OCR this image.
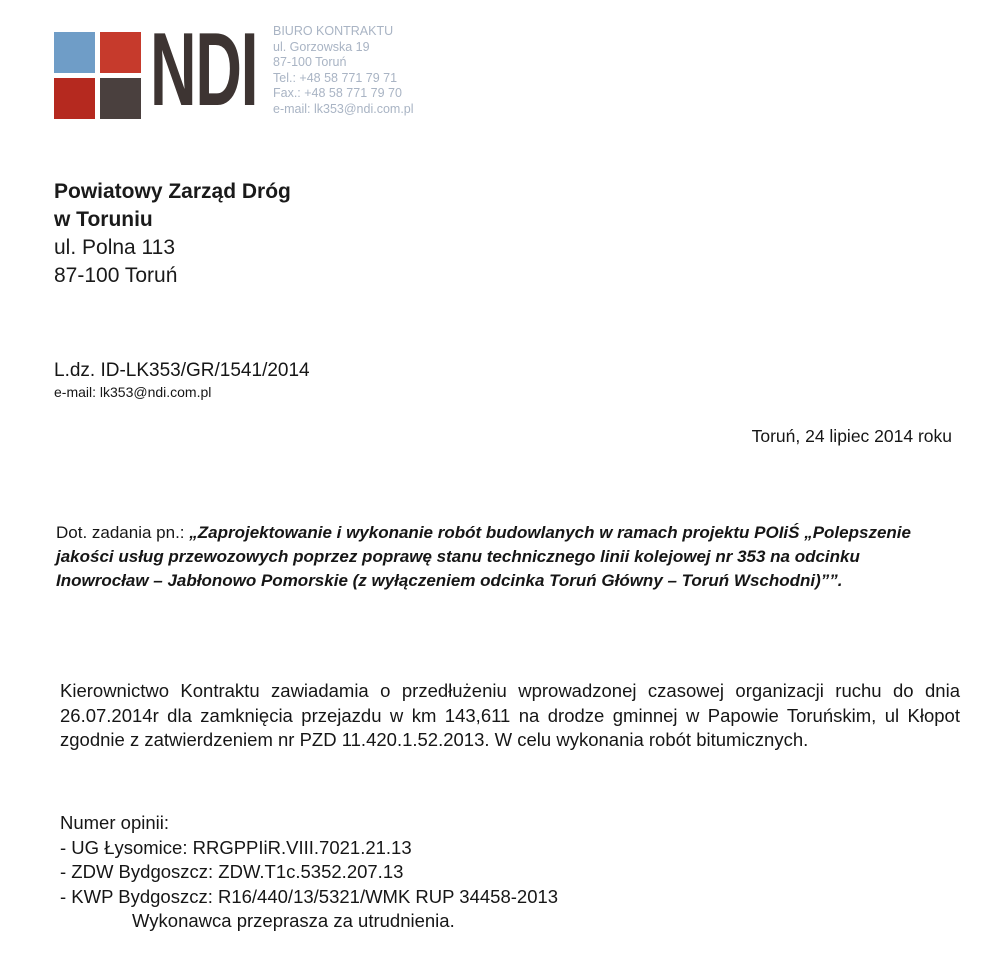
NDI BIURO KONTRAKTU
ul. Gorzowska 19
87-100 Toruń
Tel.: +48 58 771 79 71
Fax.: +48 58 771 79 70
e-mail: lk353@ndi.com.pl
Powiatowy Zarząd Dróg
w Toruniu
ul. Polna 113
87-100 Toruń
L.dz. ID-LK353/GR/1541/2014
e-mail: lk353@ndi.com.pl
Toruń, 24 lipiec 2014 roku
Dot. zadania pn.: „Zaprojektowanie i wykonanie robót budowlanych w ramach projektu POIiŚ „Polepszenie jakości usług przewozowych poprzez poprawę stanu technicznego linii kolejowej nr 353 na odcinku Inowrocław – Jabłonowo Pomorskie (z wyłączeniem odcinka Toruń Główny – Toruń Wschodni)””.
Kierownictwo Kontraktu zawiadamia o przedłużeniu wprowadzonej czasowej organizacji ruchu do dnia 26.07.2014r dla zamknięcia przejazdu w km 143,611 na drodze gminnej w Papowie Toruńskim, ul Kłopot zgodnie z zatwierdzeniem nr PZD 11.420.1.52.2013. W celu wykonania robót bitumicznych.
Numer opinii:
- UG Łysomice: RRGPPIiR.VIII.7021.21.13
- ZDW Bydgoszcz: ZDW.T1c.5352.207.13
- KWP Bydgoszcz: R16/440/13/5321/WMK RUP 34458-2013
Wykonawca przeprasza za utrudnienia.
